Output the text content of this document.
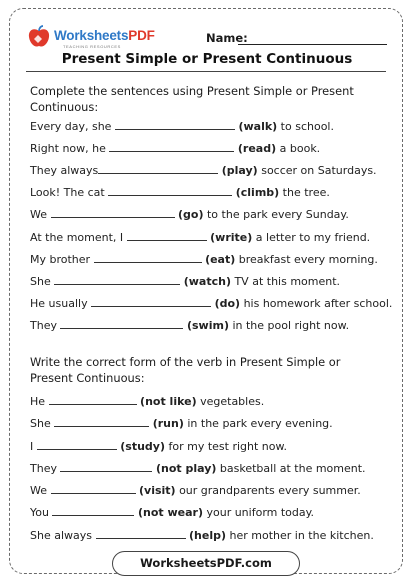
WorksheetsPDF
TEACHING RESOURCES
Name:
Present Simple or Present Continuous
Complete the sentences using Present Simple or Present Continuous:
Every day, she	(walk) to school.
Right now, he	(read) a book.
They always	(play) soccer on Saturdays.
Look! The cat	(climb) the tree.
We	(go) to the park every Sunday.
At the moment, I	(write) a letter to my friend.
My brother	(eat) breakfast every morning.
She	(watch) TV at this moment.
He usually	(do) his homework after school.
They	(swim) in the pool right now.
Write the correct form of the verb in Present Simple or Present Continuous:
He	(not like) vegetables.
She	(run) in the park every evening.
I	(study) for my test right now.
They	(not play) basketball at the moment.
We	(visit) our grandparents every summer.
You	(not wear) your uniform today.
She always	(help) her mother in the kitchen.
WorksheetsPDF.com
